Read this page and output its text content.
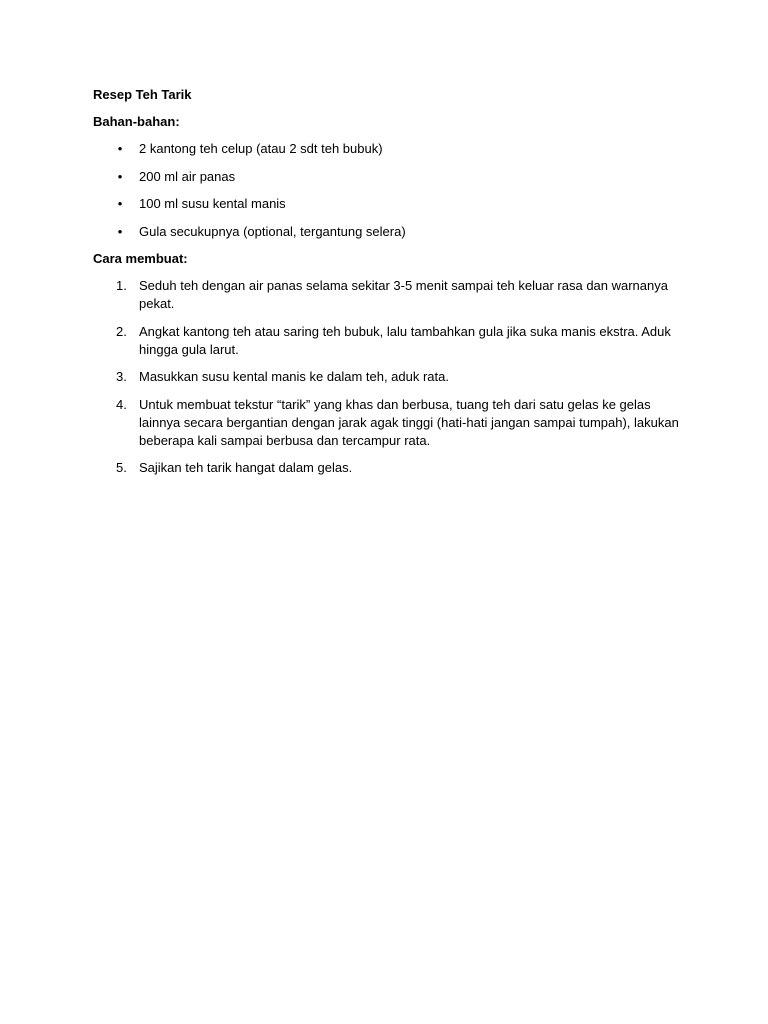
Resep Teh Tarik

Bahan-bahan:

• 2 kantong teh celup (atau 2 sdt teh bubuk)
• 200 ml air panas
• 100 ml susu kental manis
• Gula secukupnya (optional, tergantung selera)

Cara membuat:

1. Seduh teh dengan air panas selama sekitar 3-5 menit sampai teh keluar rasa dan warnanya pekat.
2. Angkat kantong teh atau saring teh bubuk, lalu tambahkan gula jika suka manis ekstra. Aduk hingga gula larut.
3. Masukkan susu kental manis ke dalam teh, aduk rata.
4. Untuk membuat tekstur “tarik” yang khas dan berbusa, tuang teh dari satu gelas ke gelas lainnya secara bergantian dengan jarak agak tinggi (hati-hati jangan sampai tumpah), lakukan beberapa kali sampai berbusa dan tercampur rata.
5. Sajikan teh tarik hangat dalam gelas.
